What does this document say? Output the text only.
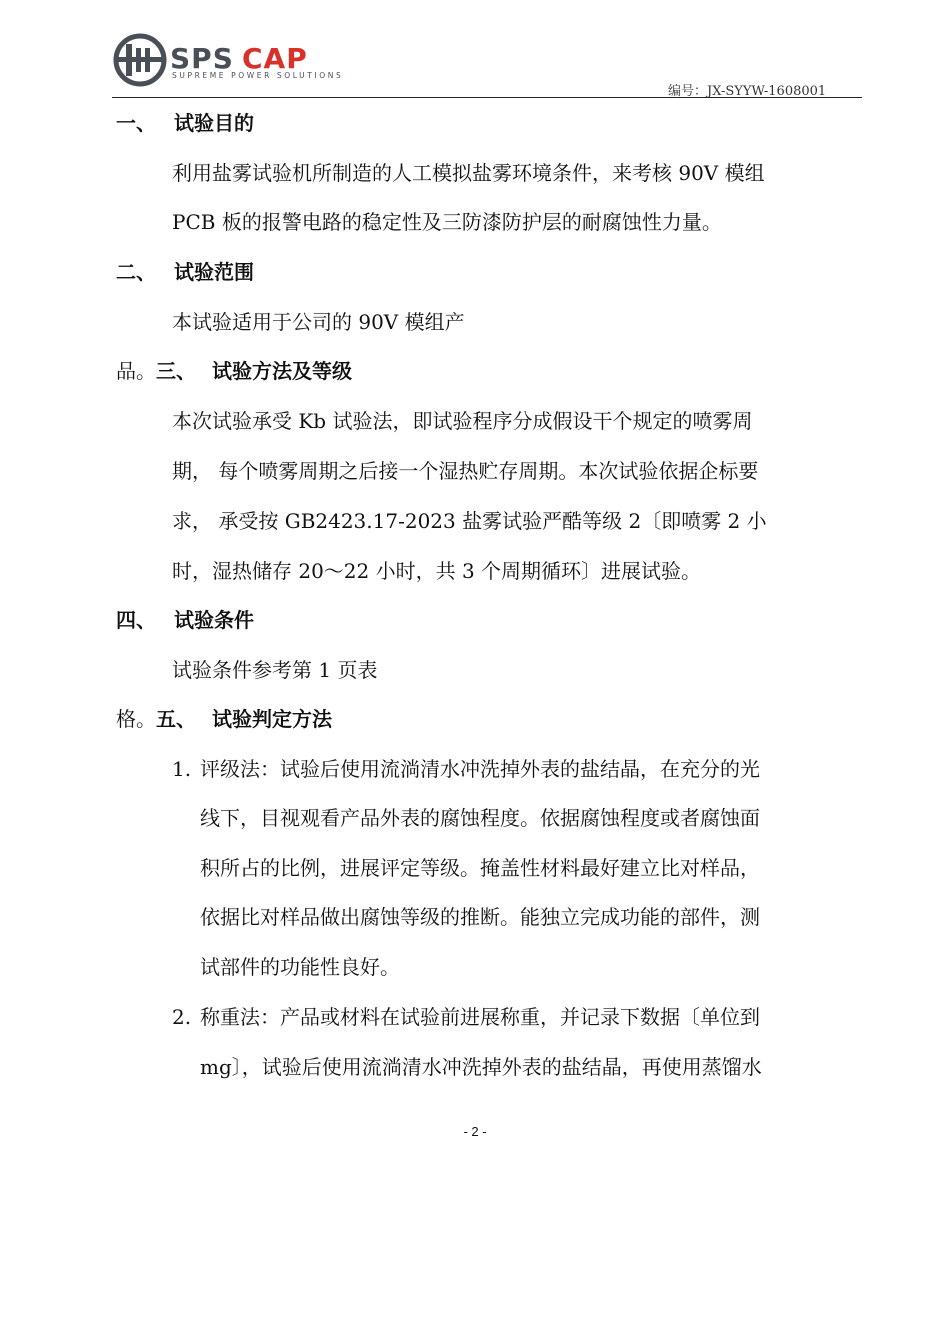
SPS CAP
SUPREME POWER SOLUTIONS
编号：JX-SYYW-1608001
一、 试验目的
利用盐雾试验机所制造的人工模拟盐雾环境条件，来考核 90V 模组
PCB 板的报警电路的稳定性及三防漆防护层的耐腐蚀性力量。
二、 试验范围
本试验适用于公司的 90V 模组产
品。三、 试验方法及等级
本次试验承受 Kb 试验法，即试验程序分成假设干个规定的喷雾周
期， 每个喷雾周期之后接一个湿热贮存周期。本次试验依据企标要
求， 承受按 GB2423.17-2023 盐雾试验严酷等级 2〔即喷雾 2 小
时，湿热储存 20～22 小时，共 3 个周期循环〕进展试验。
四、 试验条件
试验条件参考第 1 页表
格。五、 试验判定方法
1. 评级法：试验后使用流淌清水冲洗掉外表的盐结晶，在充分的光
线下，目视观看产品外表的腐蚀程度。依据腐蚀程度或者腐蚀面
积所占的比例，进展评定等级。掩盖性材料最好建立比对样品，
依据比对样品做出腐蚀等级的推断。能独立完成功能的部件，测
试部件的功能性良好。
2. 称重法：产品或材料在试验前进展称重，并记录下数据〔单位到
mg〕，试验后使用流淌清水冲洗掉外表的盐结晶，再使用蒸馏水
- 2 -
